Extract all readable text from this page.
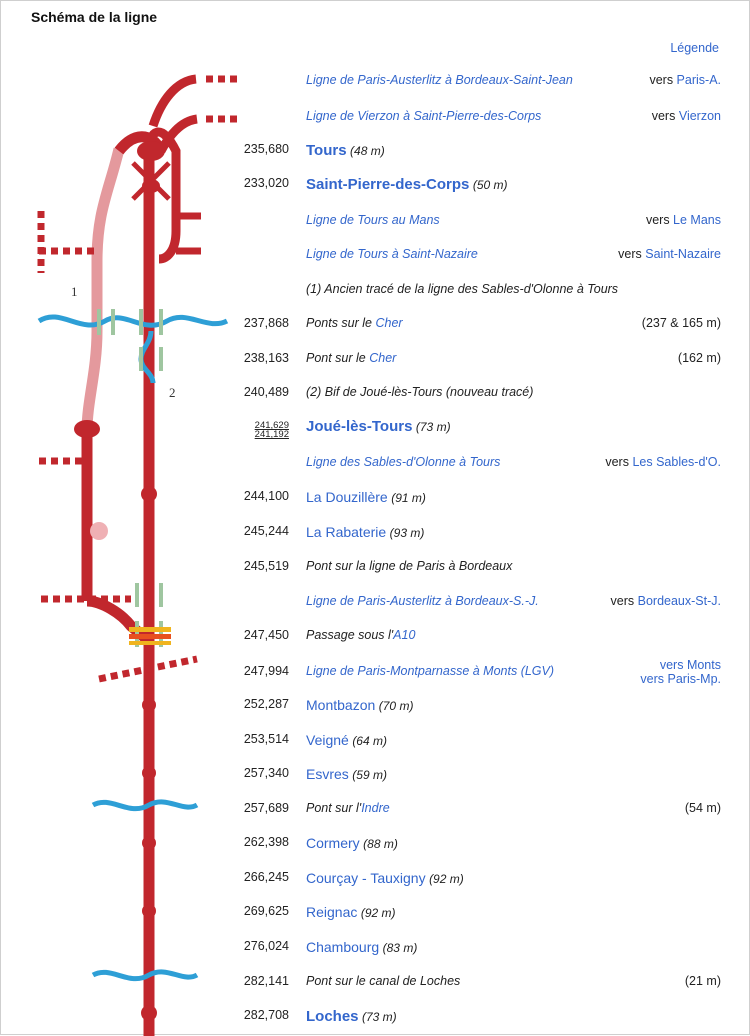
Schéma de la ligne
Légende
1
2
Ligne de Paris-Austerlitz à Bordeaux-Saint-Jean	vers Paris-A.
Ligne de Vierzon à Saint-Pierre-des-Corps	vers Vierzon
235,680 Tours (48 m)
233,020 Saint-Pierre-des-Corps (50 m)
Ligne de Tours au Mans	vers Le Mans
Ligne de Tours à Saint-Nazaire	vers Saint-Nazaire
(1) Ancien tracé de la ligne des Sables-d'Olonne à Tours
237,868 Ponts sur le Cher	(237 & 165 m)
238,163 Pont sur le Cher	(162 m)
240,489 (2) Bif de Joué-lès-Tours (nouveau tracé)
241,629
241,192 Joué-lès-Tours (73 m)
Ligne des Sables-d'Olonne à Tours	vers Les Sables-d'O.
244,100 La Douzillère (91 m)
245,244 La Rabaterie (93 m)
245,519 Pont sur la ligne de Paris à Bordeaux
Ligne de Paris-Austerlitz à Bordeaux-S.-J.	vers Bordeaux-St-J.
247,450 Passage sous l'A10
247,994 Ligne de Paris-Montparnasse à Monts (LGV)	vers Monts
vers Paris-Mp.
252,287 Montbazon (70 m)
253,514 Veigné (64 m)
257,340 Esvres (59 m)
257,689 Pont sur l'Indre	(54 m)
262,398 Cormery (88 m)
266,245 Courçay - Tauxigny (92 m)
269,625 Reignac (92 m)
276,024 Chambourg (83 m)
282,141 Pont sur le canal de Loches	(21 m)
282,708 Loches (73 m)
